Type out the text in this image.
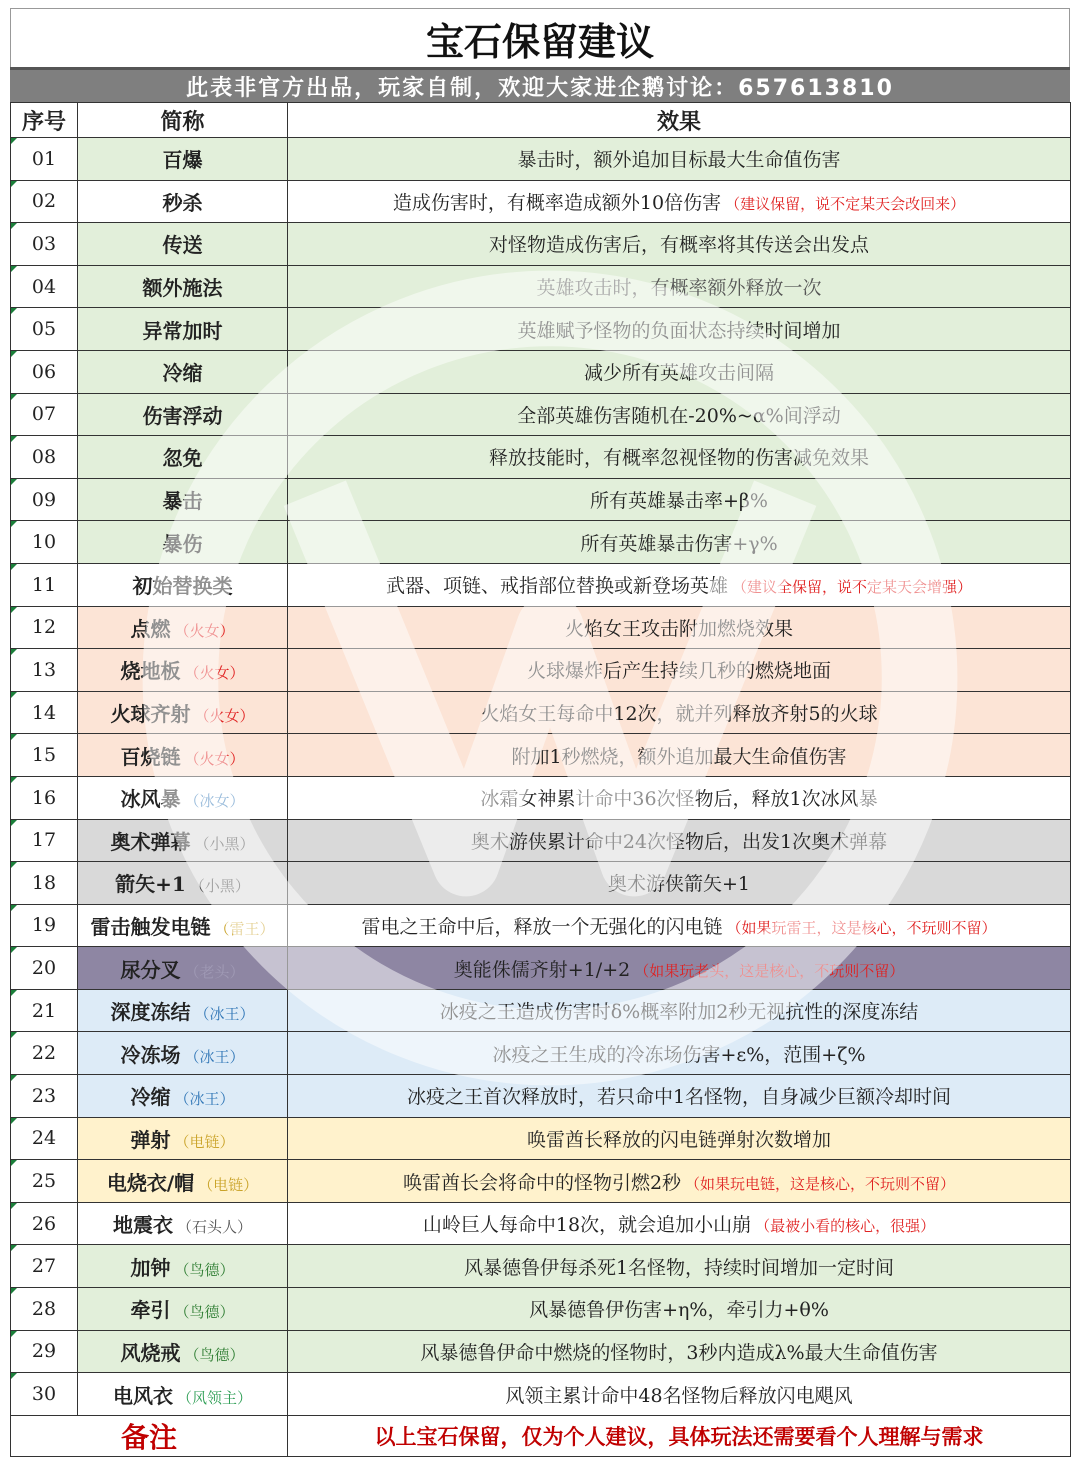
宝石保留建议
此表非官方出品，玩家自制，欢迎大家进企鹅讨论：657613810
序号	简称	效果

01	百爆	暴击时，额外追加目标最大生命值伤害

02	秒杀	造成伤害时，有概率造成额外10倍伤害 （建议保留，说不定某天会改回来）

03	传送	对怪物造成伤害后，有概率将其传送会出发点

04	额外施法	英雄攻击时，有概率额外释放一次

05	异常加时	英雄赋予怪物的负面状态持续时间增加

06	冷缩	减少所有英雄攻击间隔

07	伤害浮动	全部英雄伤害随机在-20%~α%间浮动

08	忽免	释放技能时，有概率忽视怪物的伤害减免效果

09	暴击	所有英雄暴击率+β%

10	暴伤	所有英雄暴击伤害+γ%

11	初始替换类	武器、项链、戒指部位替换或新登场英雄 （建议全保留，说不定某天会增强）

12	点燃 （火女）	火焰女王攻击附加燃烧效果

13	烧地板 （火女）	火球爆炸后产生持续几秒的燃烧地面

14	火球齐射 （火女）	火焰女王每命中12次，就并列释放齐射5的火球

15	百烧链 （火女）	附加1秒燃烧，额外追加最大生命值伤害

16	冰风暴 （冰女）	冰霜女神累计命中36次怪物后，释放1次冰风暴

17	奥术弹幕 （小黑）	奥术游侠累计命中24次怪物后，出发1次奥术弹幕

18	箭矢+1 （小黑）	奥术游侠箭矢+1

19	雷击触发电链 （雷王）	雷电之王命中后，释放一个无强化的闪电链 （如果玩雷王，这是核心，不玩则不留）

20	尿分叉 （老头）	奥能侏儒齐射+1/+2 （如果玩老头，这是核心，不玩则不留）

21	深度冻结 （冰王）	冰疫之王造成伤害时δ%概率附加2秒无视抗性的深度冻结

22	冷冻场 （冰王）	冰疫之王生成的冷冻场伤害+ε%，范围+ζ%

23	冷缩 （冰王）	冰疫之王首次释放时，若只命中1名怪物，自身减少巨额冷却时间

24	弹射 （电链）	唤雷酋长释放的闪电链弹射次数增加

25	电烧衣/帽 （电链）	唤雷酋长会将命中的怪物引燃2秒 （如果玩电链，这是核心，不玩则不留）

26	地震衣 （石头人）	山岭巨人每命中18次，就会追加小山崩 （最被小看的核心，很强）

27	加钟 （鸟德）	风暴德鲁伊每杀死1名怪物，持续时间增加一定时间

28	牵引 （鸟德）	风暴德鲁伊伤害+η%，牵引力+θ%

29	风烧戒 （鸟德）	风暴德鲁伊命中燃烧的怪物时，3秒内造成λ%最大生命值伤害

30	电风衣 （风领主）	风领主累计命中48名怪物后释放闪电飓风
备注		以上宝石保留，仅为个人建议，具体玩法还需要看个人理解与需求
